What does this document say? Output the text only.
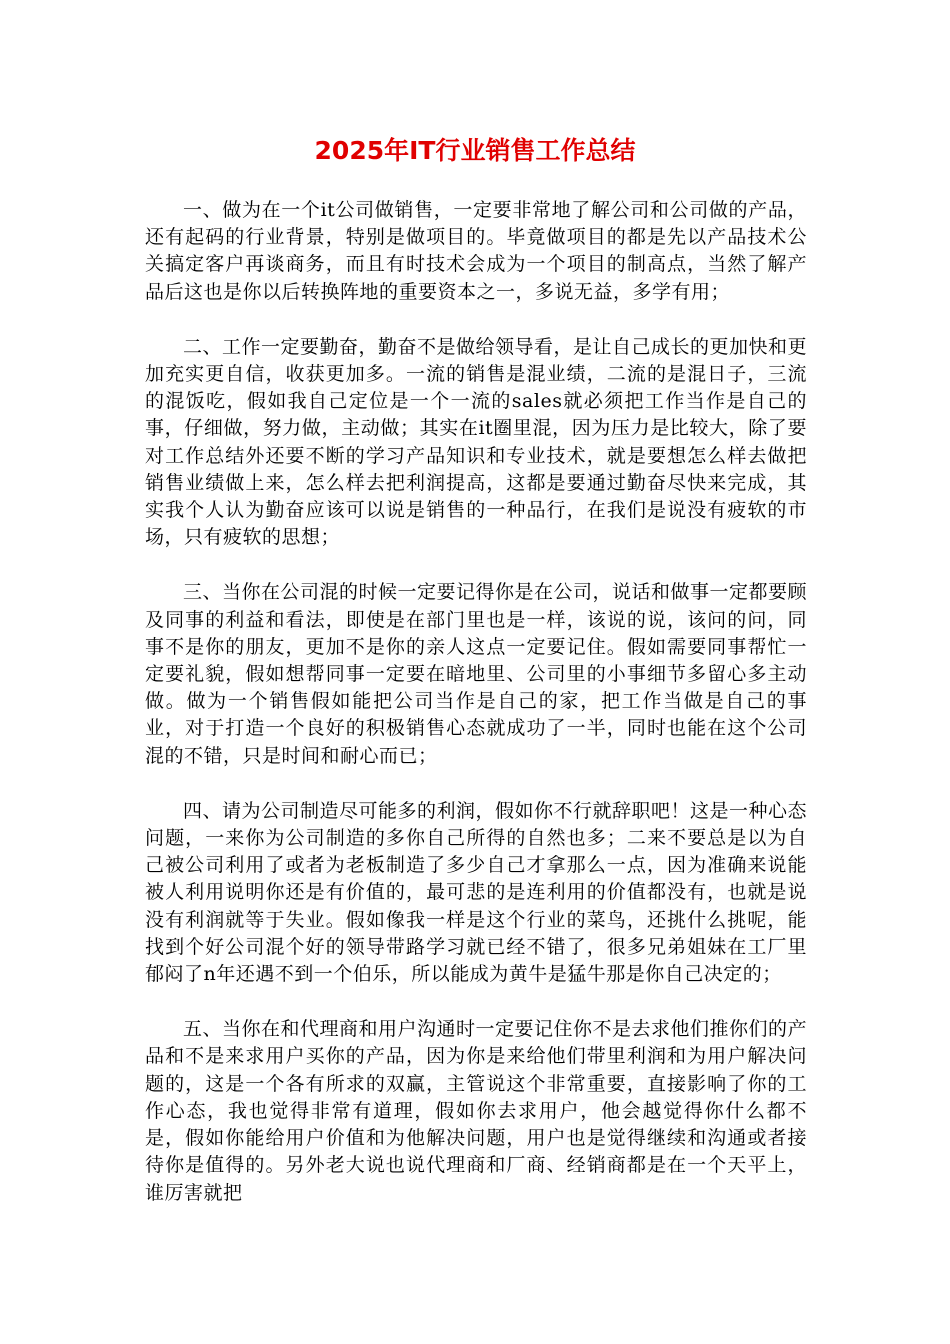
2025年IT行业销售工作总结

一、做为在一个it公司做销售，一定要非常地了解公司和公司做的产品，还有起码的行业背景，特别是做项目的。毕竟做项目的都是先以产品技术公关搞定客户再谈商务，而且有时技术会成为一个项目的制高点，当然了解产品后这也是你以后转换阵地的重要资本之一，多说无益，多学有用；

二、工作一定要勤奋，勤奋不是做给领导看，是让自己成长的更加快和更加充实更自信，收获更加多。一流的销售是混业绩，二流的是混日子，三流的混饭吃，假如我自己定位是一个一流的sales就必须把工作当作是自己的事，仔细做，努力做，主动做；其实在it圈里混，因为压力是比较大，除了要对工作总结外还要不断的学习产品知识和专业技术，就是要想怎么样去做把销售业绩做上来，怎么样去把利润提高，这都是要通过勤奋尽快来完成，其实我个人认为勤奋应该可以说是销售的一种品行，在我们是说没有疲软的市场，只有疲软的思想；

三、当你在公司混的时候一定要记得你是在公司，说话和做事一定都要顾及同事的利益和看法，即使是在部门里也是一样，该说的说，该问的问，同事不是你的朋友，更加不是你的亲人这点一定要记住。假如需要同事帮忙一定要礼貌，假如想帮同事一定要在暗地里、公司里的小事细节多留心多主动做。做为一个销售假如能把公司当作是自己的家，把工作当做是自己的事业，对于打造一个良好的积极销售心态就成功了一半，同时也能在这个公司混的不错，只是时间和耐心而已；

四、请为公司制造尽可能多的利润，假如你不行就辞职吧！这是一种心态问题，一来你为公司制造的多你自己所得的自然也多；二来不要总是以为自己被公司利用了或者为老板制造了多少自己才拿那么一点，因为准确来说能被人利用说明你还是有价值的，最可悲的是连利用的价值都没有，也就是说没有利润就等于失业。假如像我一样是这个行业的菜鸟，还挑什么挑呢，能找到个好公司混个好的领导带路学习就已经不错了，很多兄弟姐妹在工厂里郁闷了n年还遇不到一个伯乐，所以能成为黄牛是猛牛那是你自己决定的；

五、当你在和代理商和用户沟通时一定要记住你不是去求他们推你们的产品和不是来求用户买你的产品，因为你是来给他们带里利润和为用户解决问题的，这是一个各有所求的双赢，主管说这个非常重要，直接影响了你的工作心态，我也觉得非常有道理，假如你去求用户，他会越觉得你什么都不是，假如你能给用户价值和为他解决问题，用户也是觉得继续和沟通或者接待你是值得的。另外老大说也说代理商和厂商、经销商都是在一个天平上，谁厉害就把
